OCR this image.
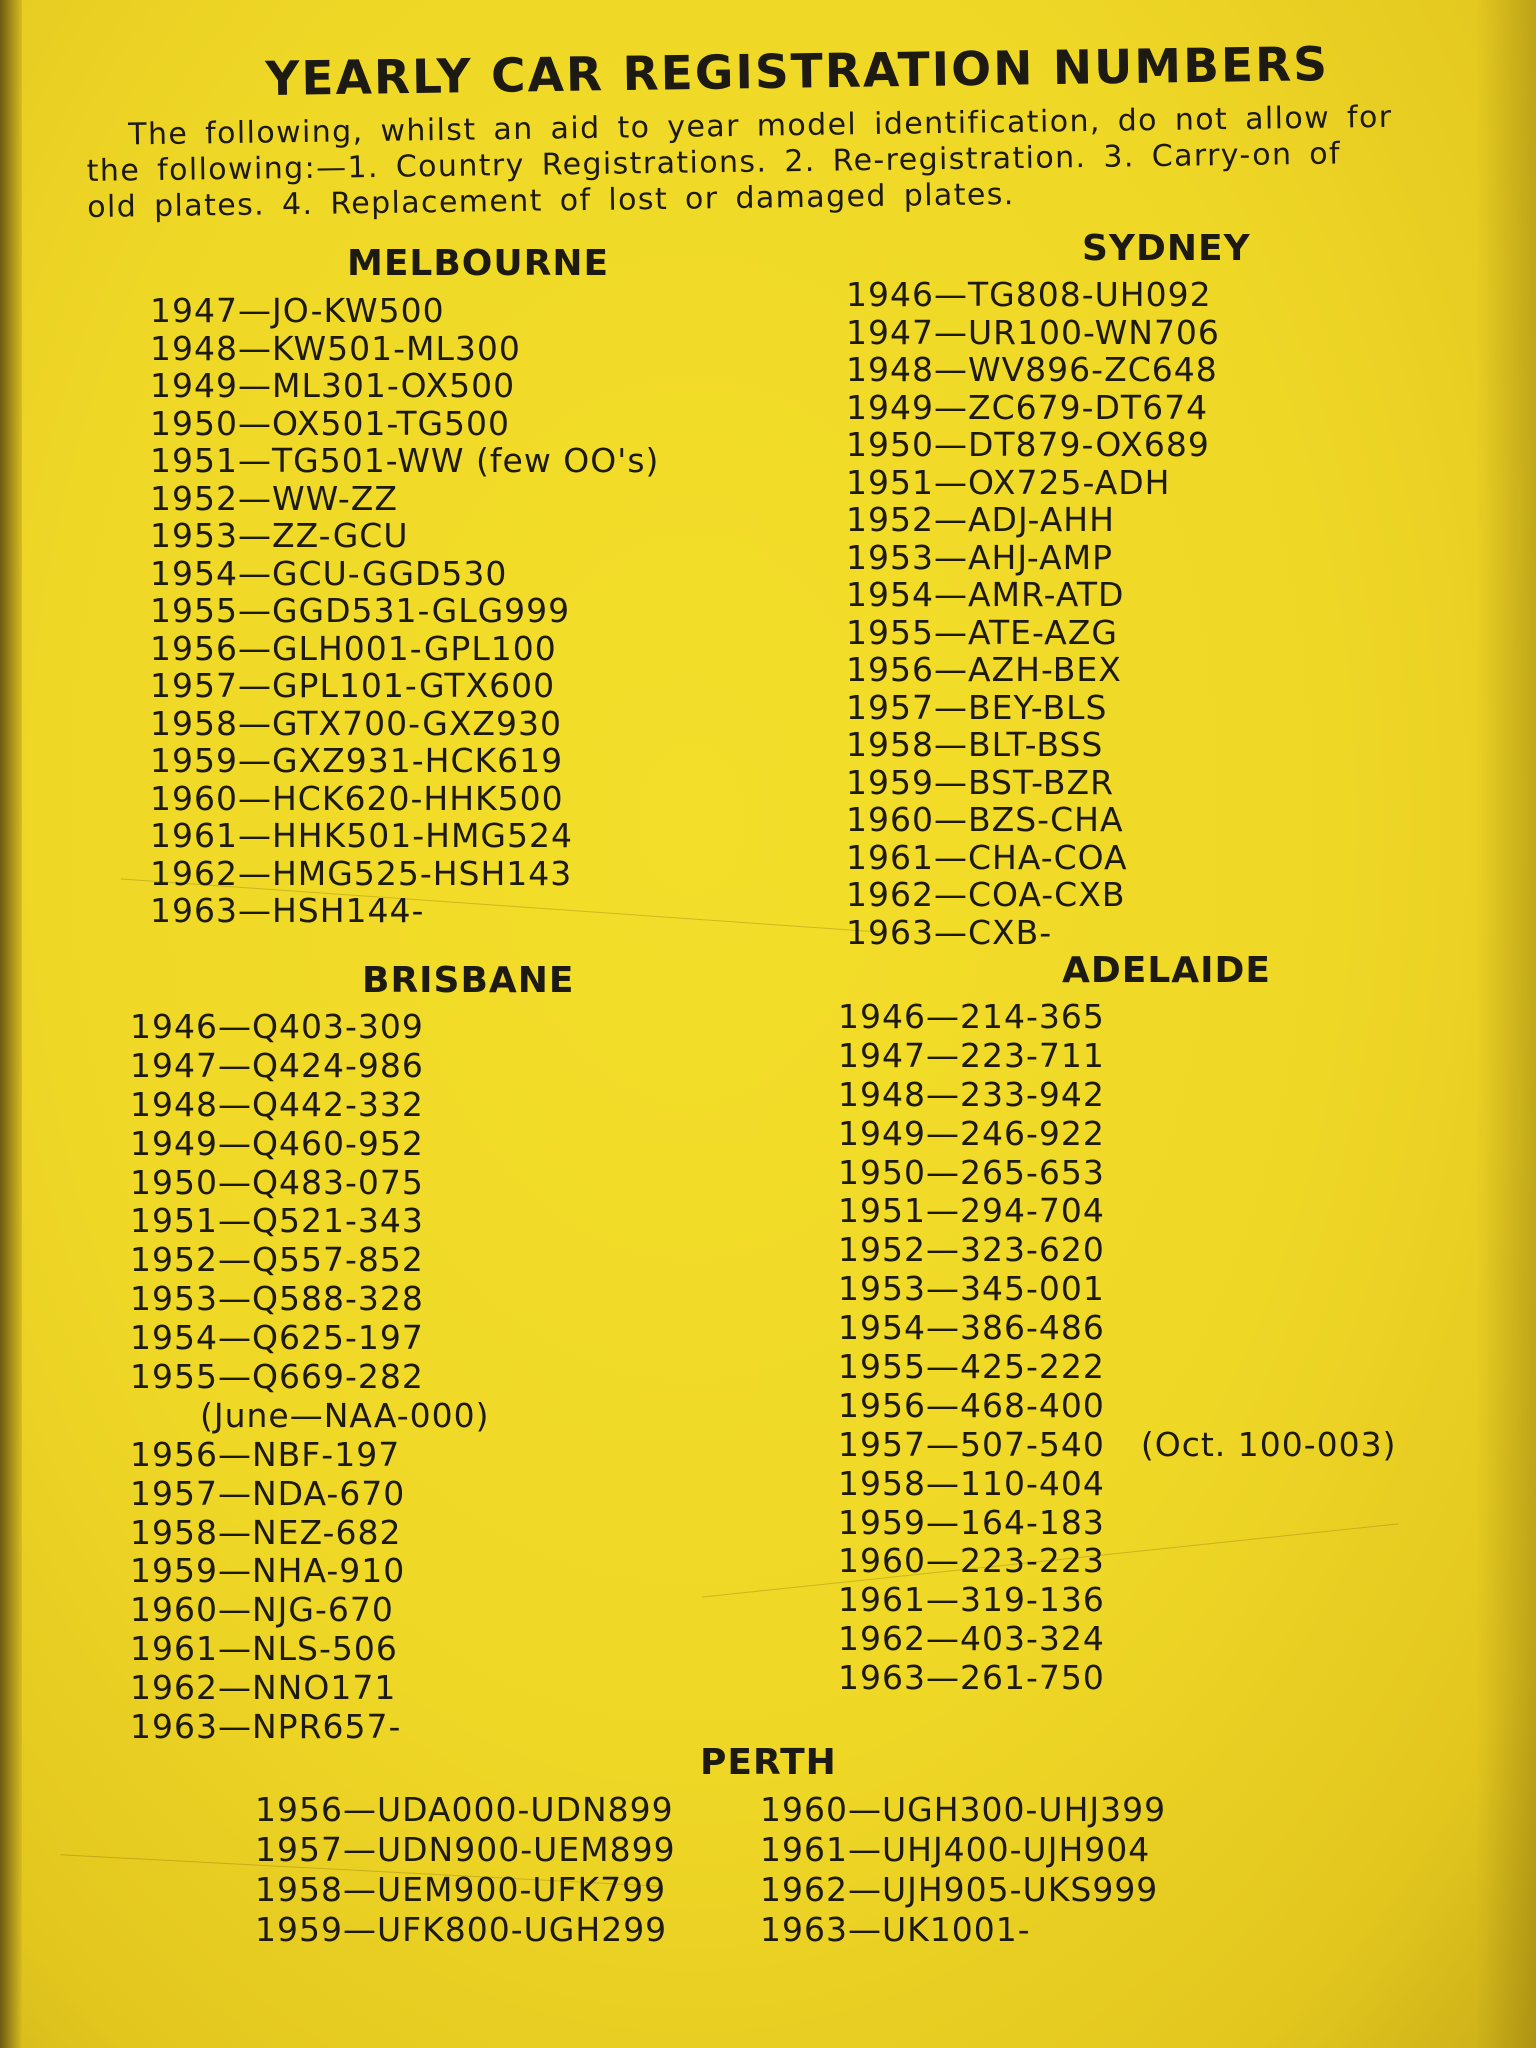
YEARLY CAR REGISTRATION NUMBERS
The following, whilst an aid to year model identification, do not allow for
the following:—1. Country Registrations. 2. Re-registration. 3. Carry-on of
old plates. 4. Replacement of lost or damaged plates.
MELBOURNE
1947—JO-KW500
1948—KW501-ML300
1949—ML301-OX500
1950—OX501-TG500
1951—TG501-WW (few OO's)
1952—WW-ZZ
1953—ZZ-GCU
1954—GCU-GGD530
1955—GGD531-GLG999
1956—GLH001-GPL100
1957—GPL101-GTX600
1958—GTX700-GXZ930
1959—GXZ931-HCK619
1960—HCK620-HHK500
1961—HHK501-HMG524
1962—HMG525-HSH143
1963—HSH144-
SYDNEY
1946—TG808-UH092
1947—UR100-WN706
1948—WV896-ZC648
1949—ZC679-DT674
1950—DT879-OX689
1951—OX725-ADH
1952—ADJ-AHH
1953—AHJ-AMP
1954—AMR-ATD
1955—ATE-AZG
1956—AZH-BEX
1957—BEY-BLS
1958—BLT-BSS
1959—BST-BZR
1960—BZS-CHA
1961—CHA-COA
1962—COA-CXB
1963—CXB-
BRISBANE
1946—Q403-309
1947—Q424-986
1948—Q442-332
1949—Q460-952
1950—Q483-075
1951—Q521-343
1952—Q557-852
1953—Q588-328
1954—Q625-197
1955—Q669-282
(June—NAA-000)
1956—NBF-197
1957—NDA-670
1958—NEZ-682
1959—NHA-910
1960—NJG-670
1961—NLS-506
1962—NNO171
1963—NPR657-
ADELAIDE
1946—214-365
1947—223-711
1948—233-942
1949—246-922
1950—265-653
1951—294-704
1952—323-620
1953—345-001
1954—386-486
1955—425-222
1956—468-400
1957—507-540 (Oct. 100-003)
1958—110-404
1959—164-183
1960—223-223
1961—319-136
1962—403-324
1963—261-750
PERTH
1956—UDA000-UDN899
1957—UDN900-UEM899
1958—UEM900-UFK799
1959—UFK800-UGH299
1960—UGH300-UHJ399
1961—UHJ400-UJH904
1962—UJH905-UKS999
1963—UK1001-
